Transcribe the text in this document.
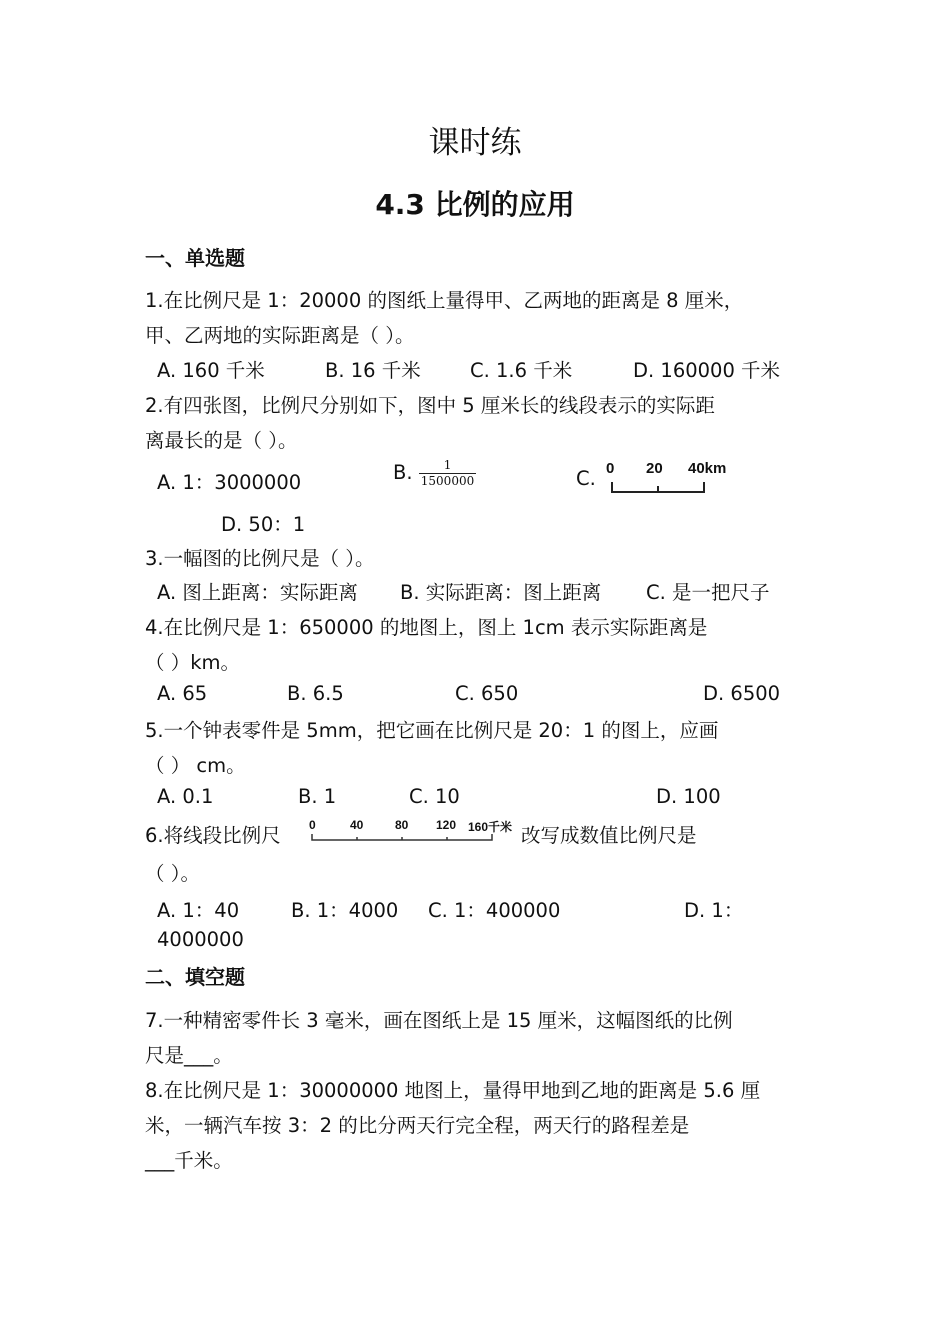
课时练
4.3 比例的应用
一、单选题
1.在比例尺是 1：20000 的图纸上量得甲、乙两地的距离是 8 厘米，
甲、乙两地的实际距离是（ ）。
A. 160 千米	B. 16 千米	C. 1.6 千米	D. 160000 千米
2.有四张图，比例尺分别如下，图中 5 厘米长的线段表示的实际距
离最长的是（ ）。
A. 1：3000000	B. $\frac{1}{1500000}$	C. 0 20 40km
D. 50：1
3.一幅图的比例尺是（ ）。
A. 图上距离：实际距离 B. 实际距离：图上距离 C. 是一把尺子
4.在比例尺是 1：650000 的地图上，图上 1cm 表示实际距离是
（ ）km。
A. 65	B. 6.5	C. 650	D. 6500
5.一个钟表零件是 5mm，把它画在比例尺是 20：1 的图上，应画
（ ） cm。
A. 0.1	B. 1	C. 10	D. 100
6.将线段比例尺 0	40	80 120 160千米 改写成数值比例尺是
（ ）。
A. 1：40	B. 1：4000 C. 1：400000	D. 1：
4000000
二、填空题
7.一种精密零件长 3 毫米，画在图纸上是 15 厘米，这幅图纸的比例
尺是___。
8.在比例尺是 1：30000000 地图上，量得甲地到乙地的距离是 5.6 厘
米，一辆汽车按 3：2 的比分两天行完全程，两天行的路程差是
___千米。
